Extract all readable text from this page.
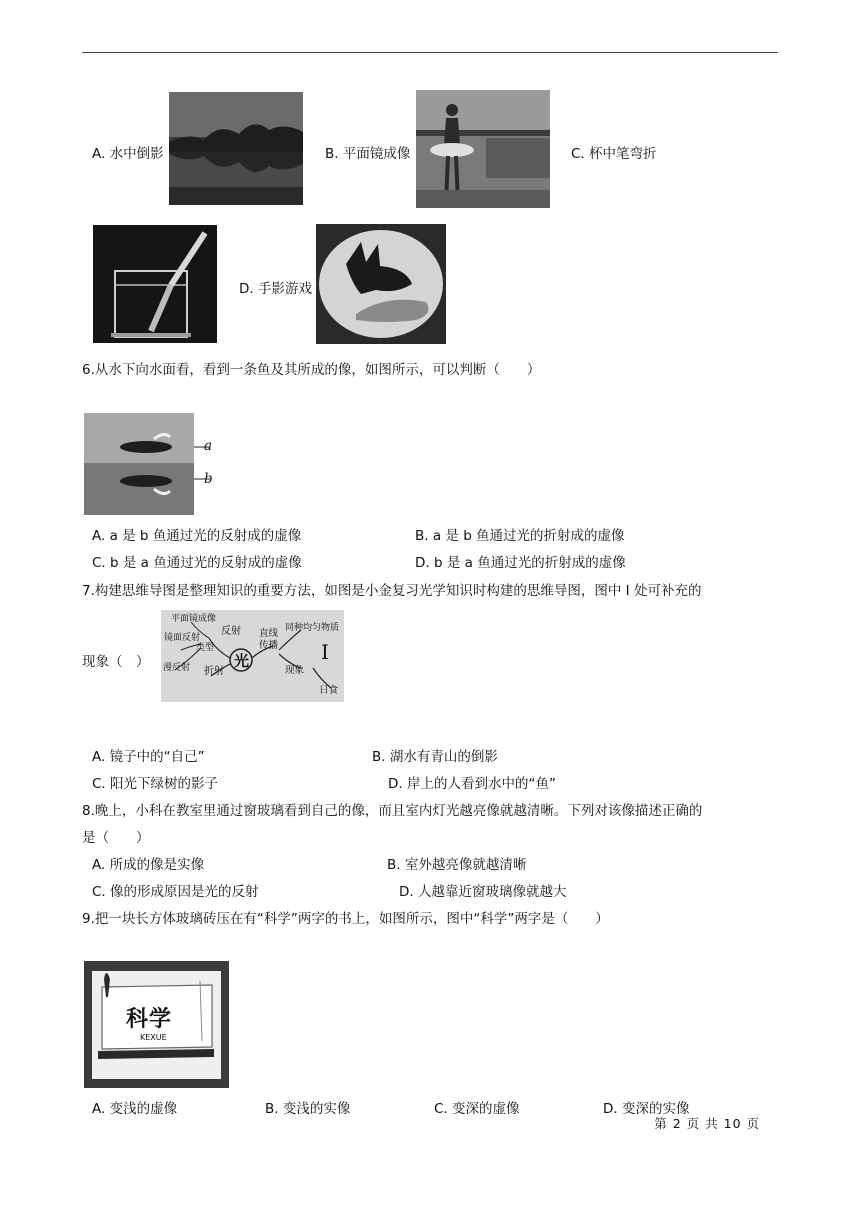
A. 水中倒影	B. 平面镜成像	C. 杯中笔弯折
D. 手影游戏
6.从水下向水面看，看到一条鱼及其所成的像，如图所示，可以判断（　　）
a
b
A. a 是 b 鱼通过光的反射成的虚像	B. a 是 b 鱼通过光的折射成的虚像
C. b 是 a 鱼通过光的反射成的虚像	D. b 是 a 鱼通过光的折射成的虚像
7.构建思维导图是整理知识的重要方法，如图是小金复习光学知识时构建的思维导图，图中 Ⅰ 处可补充的
现象（　）
平面镜成像
镜面反射
类型
反射
漫反射 折射
光
直线传播
同种均匀物质
现象
Ⅰ
日食
A. 镜子中的“自己”	B. 湖水有青山的倒影
C. 阳光下绿树的影子	D. 岸上的人看到水中的“鱼”
8.晚上，小科在教室里通过窗玻璃看到自己的像，而且室内灯光越亮像就越清晰。下列对该像描述正确的
是（　　）
A. 所成的像是实像	B. 室外越亮像就越清晰
C. 像的形成原因是光的反射	D. 人越靠近窗玻璃像就越大
9.把一块长方体玻璃砖压在有“科学”两字的书上，如图所示，图中“科学”两字是（　　）
科学
KEXUE
A. 变浅的虚像	B. 变浅的实像	C. 变深的虚像	D. 变深的实像
第 2 页 共 10 页
